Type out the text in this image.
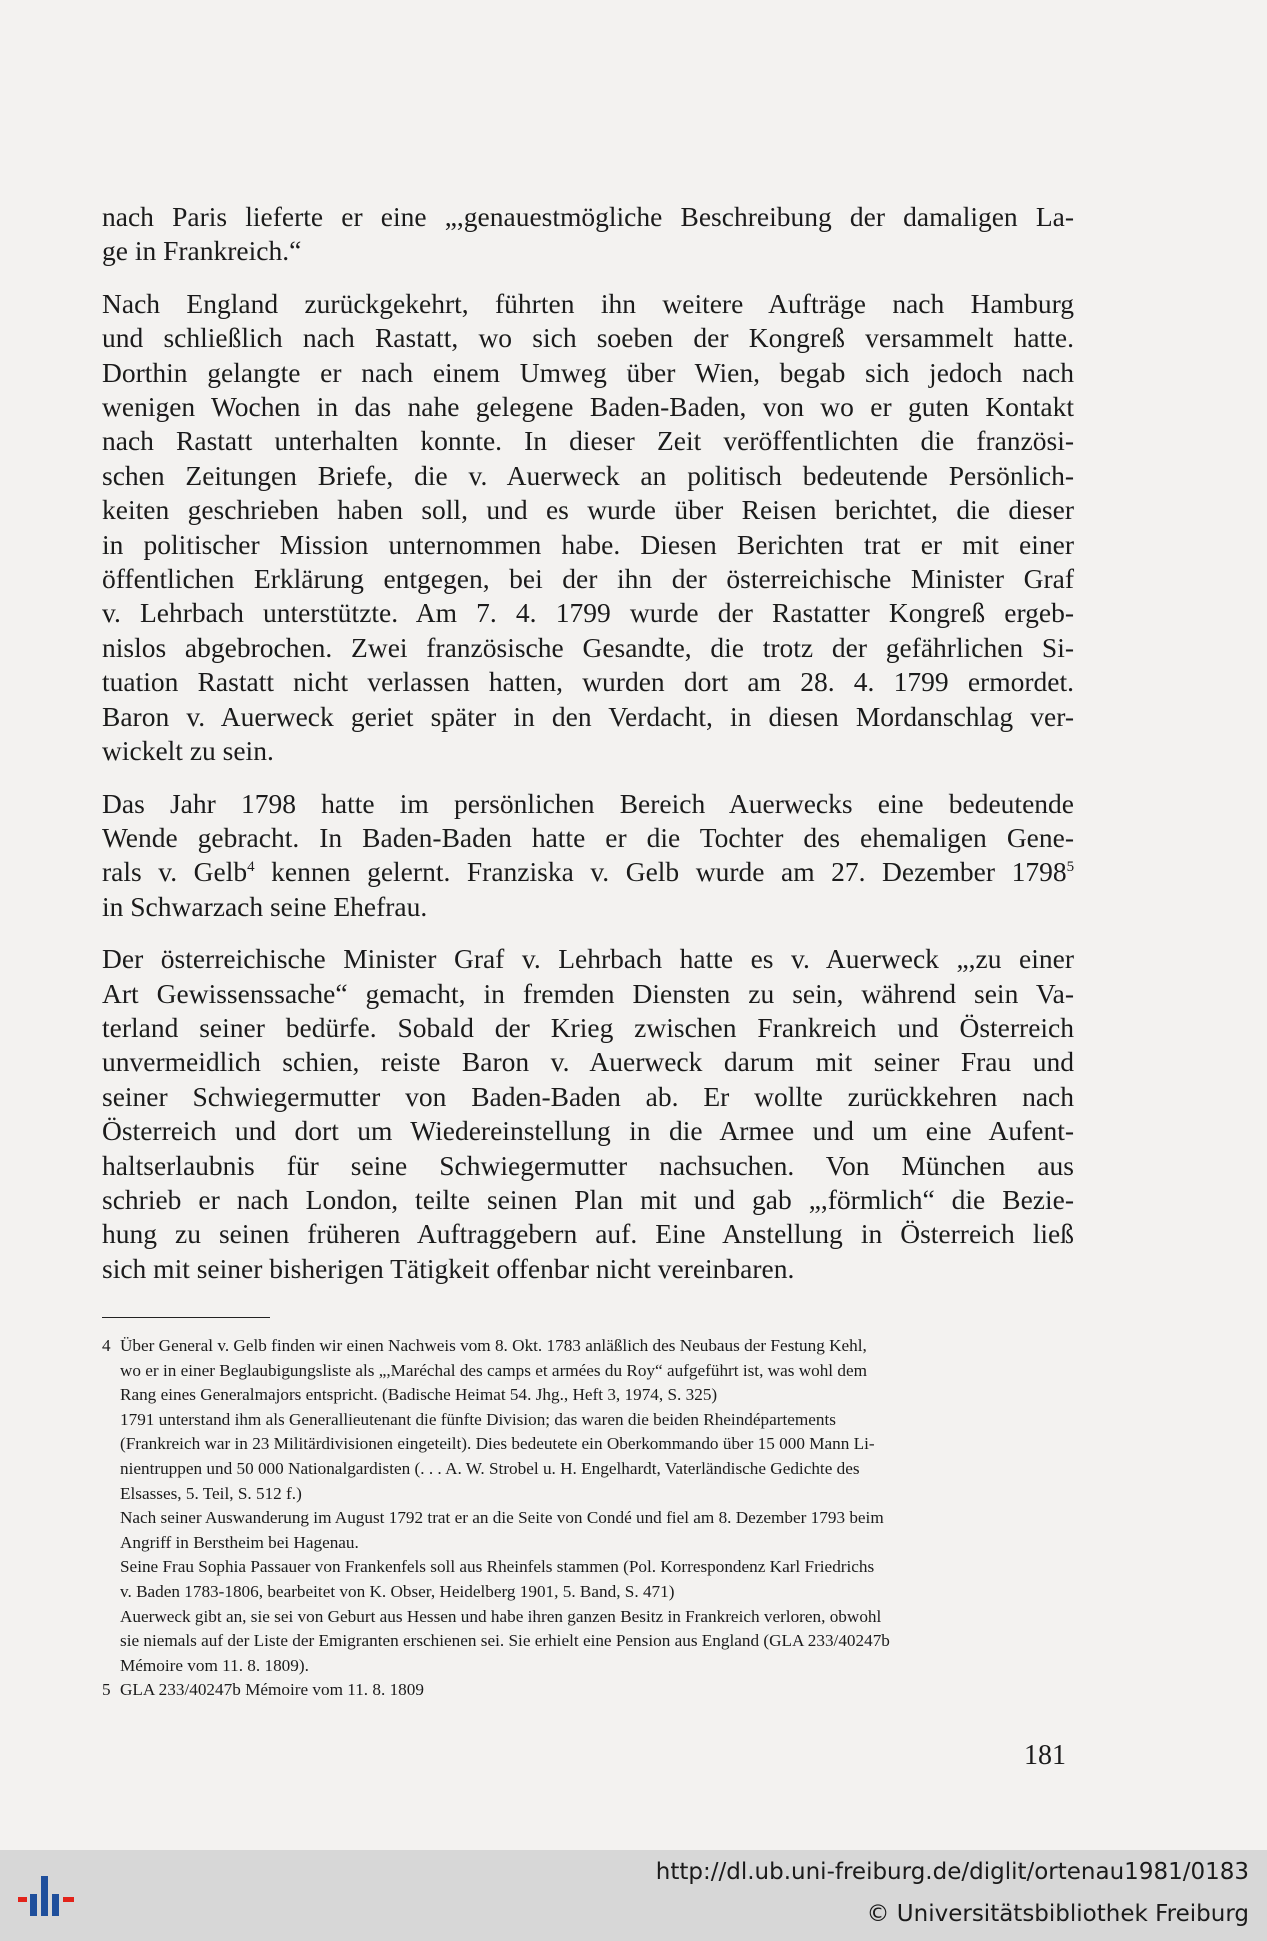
nach Paris lieferte er eine „,genauestmögliche Beschreibung der damaligen La-
ge in Frankreich.“

Nach England zurückgekehrt, führten ihn weitere Aufträge nach Hamburg
und schließlich nach Rastatt, wo sich soeben der Kongreß versammelt hatte.
Dorthin gelangte er nach einem Umweg über Wien, begab sich jedoch nach
wenigen Wochen in das nahe gelegene Baden-Baden, von wo er guten Kontakt
nach Rastatt unterhalten konnte. In dieser Zeit veröffentlichten die französi-
schen Zeitungen Briefe, die v. Auerweck an politisch bedeutende Persönlich-
keiten geschrieben haben soll, und es wurde über Reisen berichtet, die dieser
in politischer Mission unternommen habe. Diesen Berichten trat er mit einer
öffentlichen Erklärung entgegen, bei der ihn der österreichische Minister Graf
v. Lehrbach unterstützte. Am 7. 4. 1799 wurde der Rastatter Kongreß ergeb-
nislos abgebrochen. Zwei französische Gesandte, die trotz der gefährlichen Si-
tuation Rastatt nicht verlassen hatten, wurden dort am 28. 4. 1799 ermordet.
Baron v. Auerweck geriet später in den Verdacht, in diesen Mordanschlag ver-
wickelt zu sein.

Das Jahr 1798 hatte im persönlichen Bereich Auerwecks eine bedeutende
Wende gebracht. In Baden-Baden hatte er die Tochter des ehemaligen Gene-
rals v. Gelb$^4$ kennen gelernt. Franziska v. Gelb wurde am 27. Dezember 1798$^5$
in Schwarzach seine Ehefrau.

Der österreichische Minister Graf v. Lehrbach hatte es v. Auerweck „,zu einer
Art Gewissenssache“ gemacht, in fremden Diensten zu sein, während sein Va-
terland seiner bedürfe. Sobald der Krieg zwischen Frankreich und Österreich
unvermeidlich schien, reiste Baron v. Auerweck darum mit seiner Frau und
seiner Schwiegermutter von Baden-Baden ab. Er wollte zurückkehren nach
Österreich und dort um Wiedereinstellung in die Armee und um eine Aufent-
haltserlaubnis für seine Schwiegermutter nachsuchen. Von München aus
schrieb er nach London, teilte seinen Plan mit und gab „,förmlich“ die Bezie-
hung zu seinen früheren Auftraggebern auf. Eine Anstellung in Österreich ließ
sich mit seiner bisherigen Tätigkeit offenbar nicht vereinbaren.

4 Über General v. Gelb finden wir einen Nachweis vom 8. Okt. 1783 anläßlich des Neubaus der Festung Kehl,
wo er in einer Beglaubigungsliste als „,Maréchal des camps et armées du Roy“ aufgeführt ist, was wohl dem
Rang eines Generalmajors entspricht. (Badische Heimat 54. Jhg., Heft 3, 1974, S. 325)
1791 unterstand ihm als Generallieutenant die fünfte Division; das waren die beiden Rheindépartements
(Frankreich war in 23 Militärdivisionen eingeteilt). Dies bedeutete ein Oberkommando über 15 000 Mann Li-
nientruppen und 50 000 Nationalgardisten (. . . A. W. Strobel u. H. Engelhardt, Vaterländische Gedichte des
Elsasses, 5. Teil, S. 512 f.)
Nach seiner Auswanderung im August 1792 trat er an die Seite von Condé und fiel am 8. Dezember 1793 beim
Angriff in Berstheim bei Hagenau.
Seine Frau Sophia Passauer von Frankenfels soll aus Rheinfels stammen (Pol. Korrespondenz Karl Friedrichs
v. Baden 1783-1806, bearbeitet von K. Obser, Heidelberg 1901, 5. Band, S. 471)
Auerweck gibt an, sie sei von Geburt aus Hessen und habe ihren ganzen Besitz in Frankreich verloren, obwohl
sie niemals auf der Liste der Emigranten erschienen sei. Sie erhielt eine Pension aus England (GLA 233/40247b
Mémoire vom 11. 8. 1809).
5 GLA 233/40247b Mémoire vom 11. 8. 1809
181
http://dl.ub.uni-freiburg.de/diglit/ortenau1981/0183
© Universitätsbibliothek Freiburg
